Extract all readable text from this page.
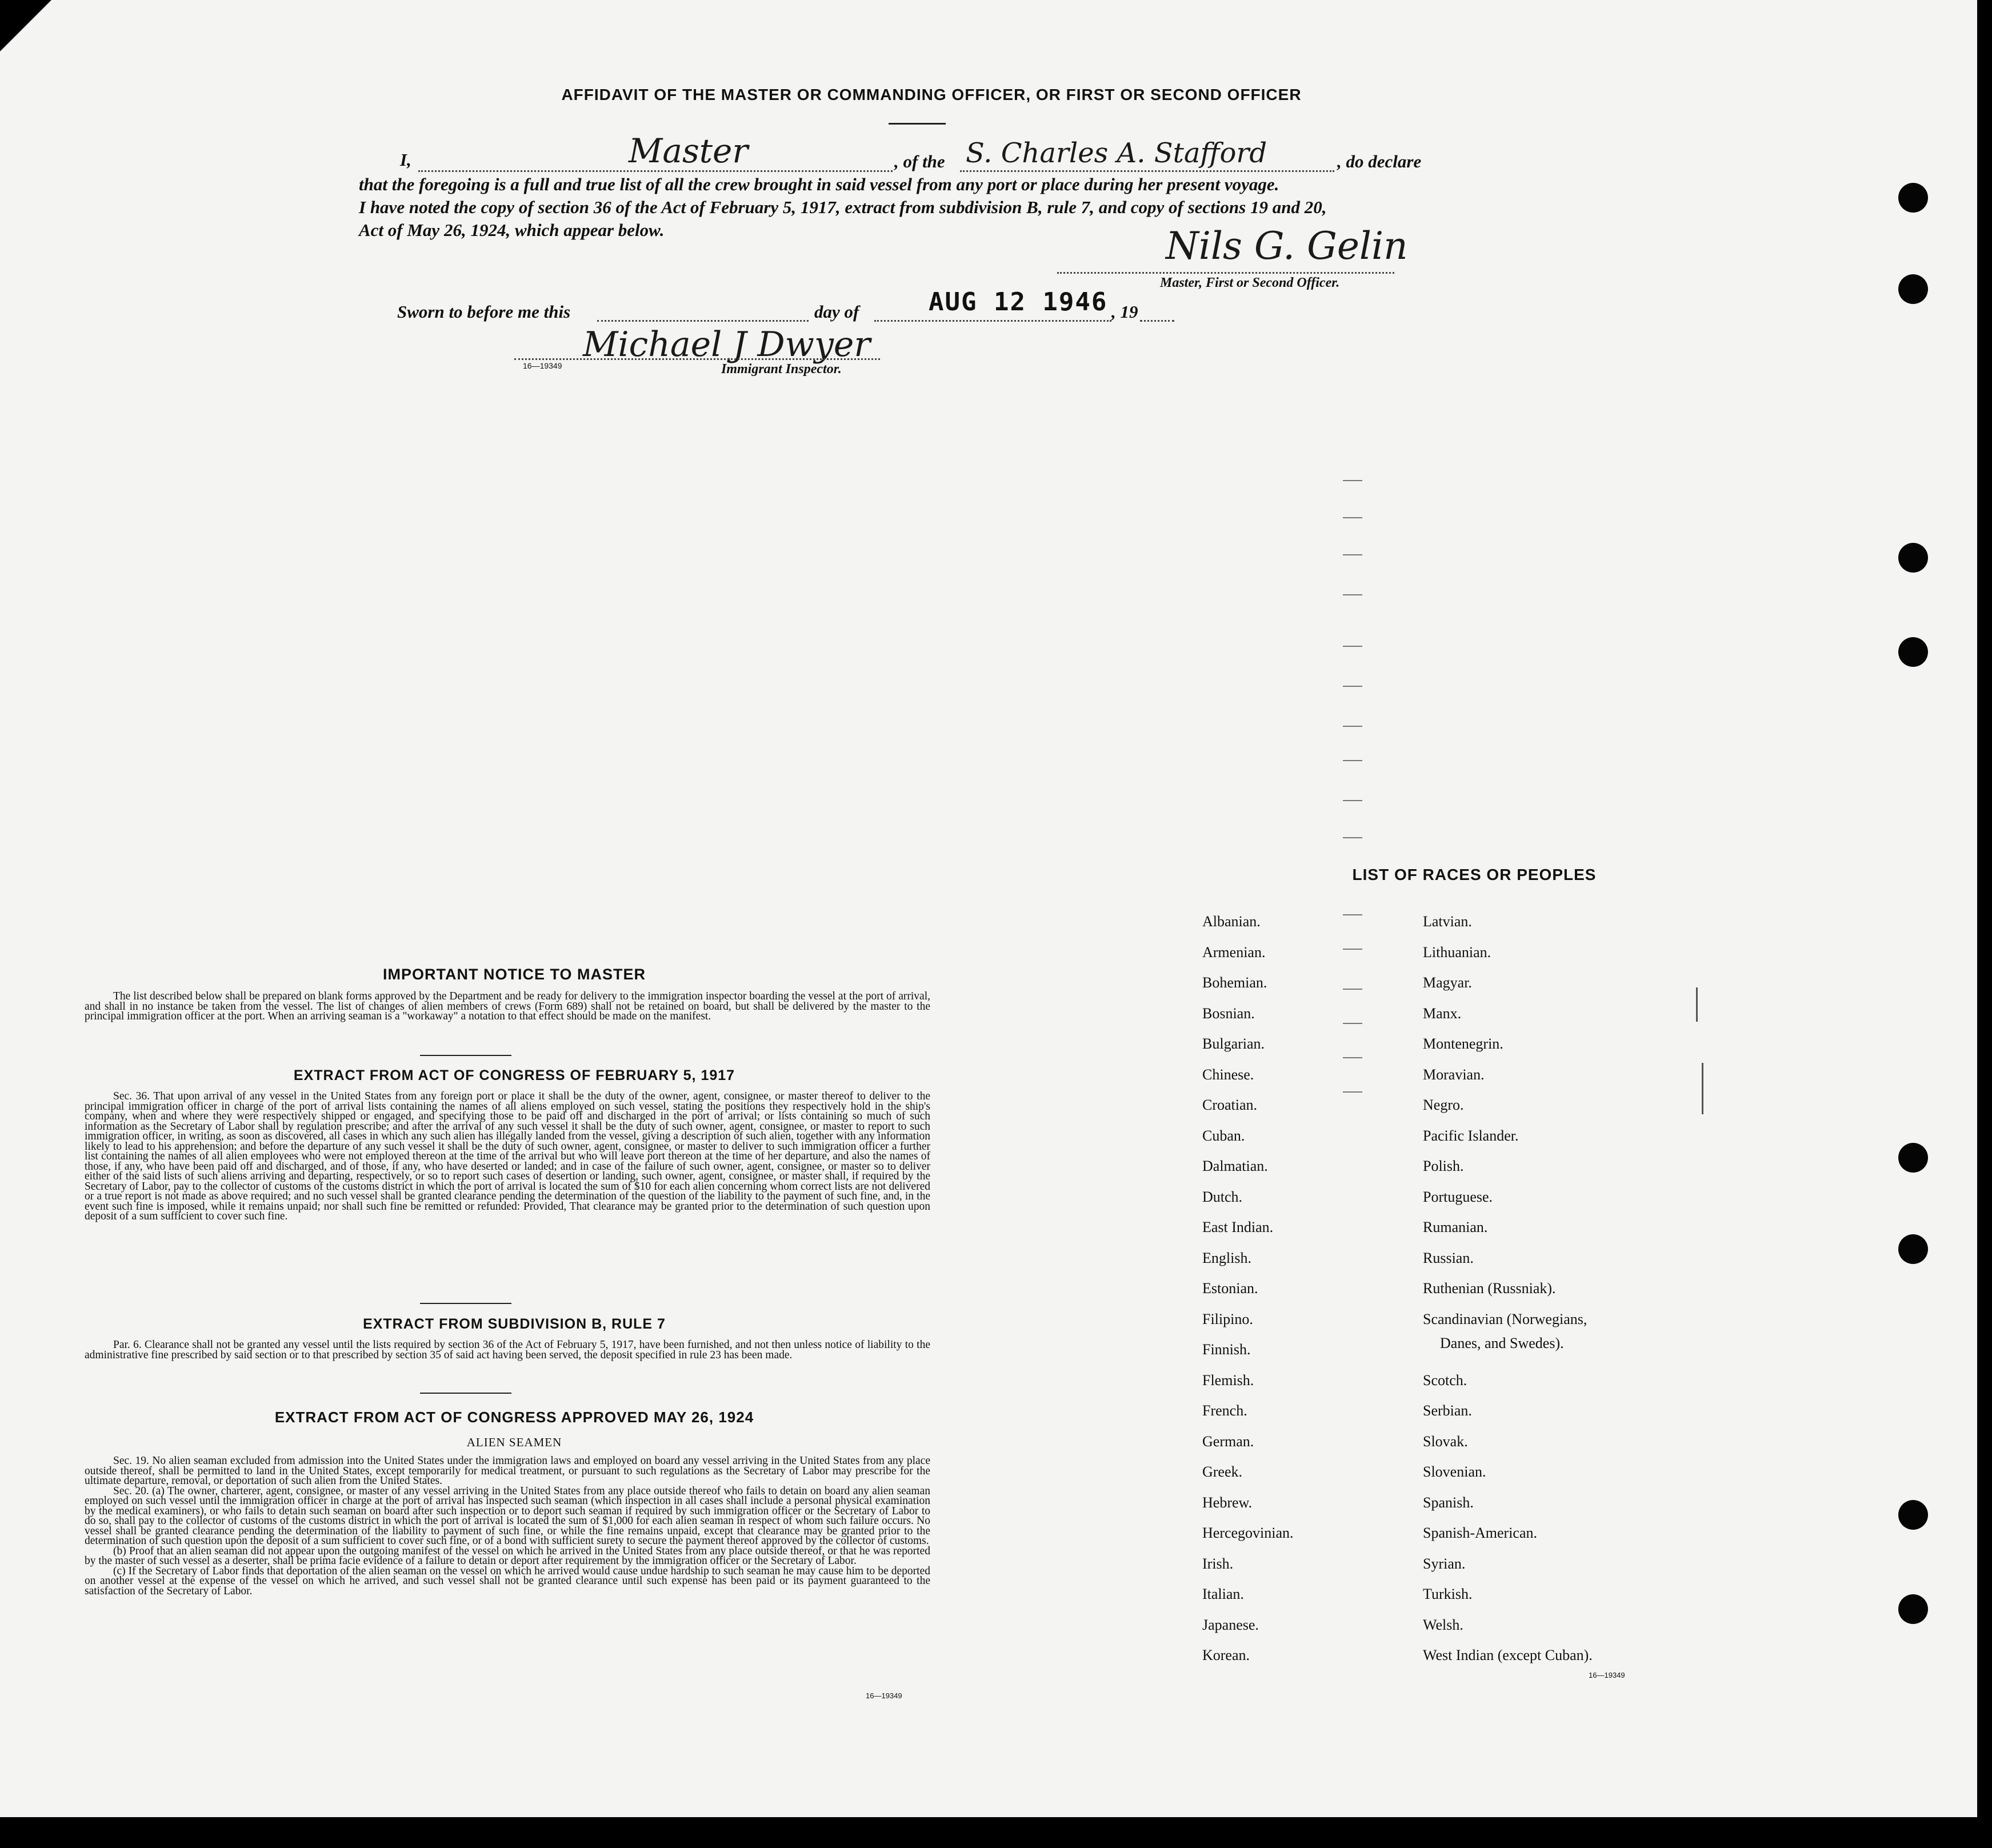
AFFIDAVIT OF THE MASTER OR COMMANDING OFFICER, OR FIRST OR SECOND OFFICER
I,	Master	, of the S. Charles A. Stafford	, do declare
that the foregoing is a full and true list of all the crew brought in said vessel from any port or place during her present voyage.
I have noted the copy of section 36 of the Act of February 5, 1917, extract from subdivision B, rule 7, and copy of sections 19 and 20,
Act of May 26, 1924, which appear below.	Nils G. Gelin
Master, First or Second Officer.
Sworn to before me this	day of	AUG 12 1946 , 19
Michael J Dwyer
16—19349	Immigrant Inspector.
IMPORTANT NOTICE TO MASTER
The list described below shall be prepared on blank forms approved by the Department and be ready for delivery to the immigration inspector boarding the vessel at the port of arrival, and shall in no instance be taken from the vessel. The list of changes of alien members of crews (Form 689) shall not be retained on board, but shall be delivered by the master to the principal immigration officer at the port. When an arriving seaman is a "workaway" a notation to that effect should be made on the manifest.
EXTRACT FROM ACT OF CONGRESS OF FEBRUARY 5, 1917
Sec. 36. That upon arrival of any vessel in the United States from any foreign port or place it shall be the duty of the owner, agent, consignee, or master thereof to deliver to the principal immigration officer in charge of the port of arrival lists containing the names of all aliens employed on such vessel, stating the positions they respectively hold in the ship's company, when and where they were respectively shipped or engaged, and specifying those to be paid off and discharged in the port of arrival; or lists containing so much of such information as the Secretary of Labor shall by regulation prescribe; and after the arrival of any such vessel it shall be the duty of such owner, agent, consignee, or master to report to such immigration officer, in writing, as soon as discovered, all cases in which any such alien has illegally landed from the vessel, giving a description of such alien, together with any information likely to lead to his apprehension; and before the departure of any such vessel it shall be the duty of such owner, agent, consignee, or master to deliver to such immigration officer a further list containing the names of all alien employees who were not employed thereon at the time of the arrival but who will leave port thereon at the time of her departure, and also the names of those, if any, who have been paid off and discharged, and of those, if any, who have deserted or landed; and in case of the failure of such owner, agent, consignee, or master so to deliver either of the said lists of such aliens arriving and departing, respectively, or so to report such cases of desertion or landing, such owner, agent, consignee, or master shall, if required by the Secretary of Labor, pay to the collector of customs of the customs district in which the port of arrival is located the sum of $10 for each alien concerning whom correct lists are not delivered or a true report is not made as above required; and no such vessel shall be granted clearance pending the determination of the question of the liability to the payment of such fine, and, in the event such fine is imposed, while it remains unpaid; nor shall such fine be remitted or refunded: Provided, That clearance may be granted prior to the determination of such question upon deposit of a sum sufficient to cover such fine.
EXTRACT FROM SUBDIVISION B, RULE 7
Par. 6. Clearance shall not be granted any vessel until the lists required by section 36 of the Act of February 5, 1917, have been furnished, and not then unless notice of liability to the administrative fine prescribed by said section or to that prescribed by section 35 of said act having been served, the deposit specified in rule 23 has been made.
EXTRACT FROM ACT OF CONGRESS APPROVED MAY 26, 1924
ALIEN SEAMEN
Sec. 19. No alien seaman excluded from admission into the United States under the immigration laws and employed on board any vessel arriving in the United States from any place outside thereof, shall be permitted to land in the United States, except temporarily for medical treatment, or pursuant to such regulations as the Secretary of Labor may prescribe for the ultimate departure, removal, or deportation of such alien from the United States.
Sec. 20. (a) The owner, charterer, agent, consignee, or master of any vessel arriving in the United States from any place outside thereof who fails to detain on board any alien seaman employed on such vessel until the immigration officer in charge at the port of arrival has inspected such seaman (which inspection in all cases shall include a personal physical examination by the medical examiners), or who fails to detain such seaman on board after such inspection or to deport such seaman if required by such immigration officer or the Secretary of Labor to do so, shall pay to the collector of customs of the customs district in which the port of arrival is located the sum of $1,000 for each alien seaman in respect of whom such failure occurs. No vessel shall be granted clearance pending the determination of the liability to payment of such fine, or while the fine remains unpaid, except that clearance may be granted prior to the determination of such question upon the deposit of a sum sufficient to cover such fine, or of a bond with sufficient surety to secure the payment thereof approved by the collector of customs.
(b) Proof that an alien seaman did not appear upon the outgoing manifest of the vessel on which he arrived in the United States from any place outside thereof, or that he was reported by the master of such vessel as a deserter, shall be prima facie evidence of a failure to detain or deport after requirement by the immigration officer or the Secretary of Labor.
(c) If the Secretary of Labor finds that deportation of the alien seaman on the vessel on which he arrived would cause undue hardship to such seaman he may cause him to be deported on another vessel at the expense of the vessel on which he arrived, and such vessel shall not be granted clearance until such expense has been paid or its payment guaranteed to the satisfaction of the Secretary of Labor.
16—19349
LIST OF RACES OR PEOPLES
Albanian.
Armenian.
Bohemian.
Bosnian.
Bulgarian.
Chinese.
Croatian.
Cuban.
Dalmatian.
Dutch.
East Indian.
English.
Estonian.
Filipino.
Finnish.
Flemish.
French.
German.
Greek.
Hebrew.
Hercegovinian.
Irish.
Italian.
Japanese.
Korean.
Latvian.
Lithuanian.
Magyar.
Manx.
Montenegrin.
Moravian.
Negro.
Pacific Islander.
Polish.
Portuguese.
Rumanian.
Russian.
Ruthenian (Russniak).
Scandinavian (Norwegians,
Scotch.
Serbian.
Slovak.
Slovenian.
Spanish.
Spanish-American.
Syrian.
Turkish.
Welsh.
West Indian (except Cuban).
Danes, and Swedes).
16—19349
